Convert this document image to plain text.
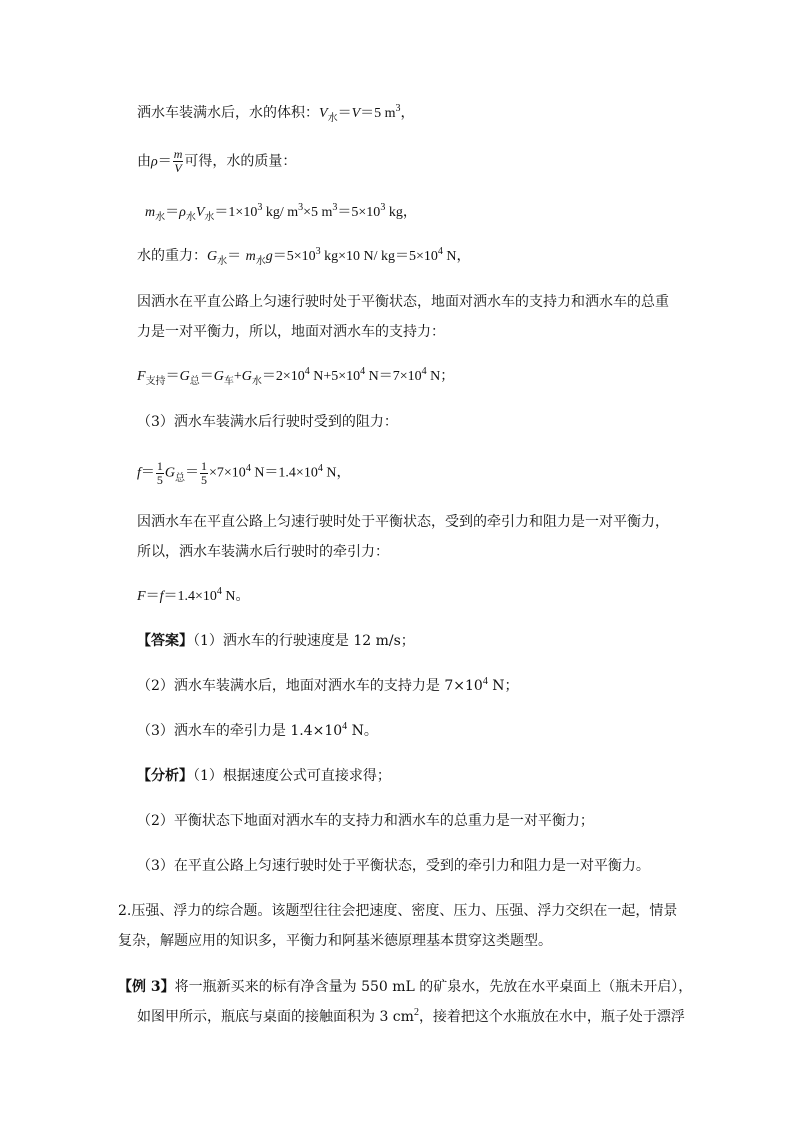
洒水车装满水后，水的体积：$V_水=V=5$ $m^3$，
由$\rho= \frac{m}{V}$ 可得，水的质量：
$m_水=\rho_水V_水=1\times 10^3$ kg/ $m^3\times 5$ $m^3=5\times 10^3$ kg，
水的重力：$G_水= m_水g=5\times 10^3$ kg×10 N/ $kg=5\times 10^4$ N，
因洒水在平直公路上匀速行驶时处于平衡状态，地面对洒水车的支持力和洒水车的总重
力是一对平衡力，所以，地面对洒水车的支持力：
$F_{支持}=G_总=G_车+G_水=2\times 10^4$ $N+5\times 10^4$ $N=7\times 10^4$ N；
（3）洒水车装满水后行驶时受到的阻力：
$f= \frac{1}{5} G_总= \frac{1}{5} \times 7\times 10^4$ $N=1.4\times 10^4$ N，
因洒水车在平直公路上匀速行驶时处于平衡状态，受到的牵引力和阻力是一对平衡力，
所以，洒水车装满水后行驶时的牵引力：
$F=f=1.4\times 10^4$ N。
【答案】（1）洒水车的行驶速度是 12 m/s；
（2）洒水车装满水后，地面对洒水车的支持力是 $7\times 10^4$ N；
（3）洒水车的牵引力是 $1.4\times 10^4$ N。
【分析】（1）根据速度公式可直接求得；
（2）平衡状态下地面对洒水车的支持力和洒水车的总重力是一对平衡力；
（3）在平直公路上匀速行驶时处于平衡状态，受到的牵引力和阻力是一对平衡力。
2.压强、浮力的综合题。该题型往往会把速度、密度、压力、压强、浮力交织在一起，情景
复杂，解题应用的知识多，平衡力和阿基米德原理基本贯穿这类题型。
【例 3】将一瓶新买来的标有净含量为 550 mL 的矿泉水，先放在水平桌面上（瓶未开启），
如图甲所示，瓶底与桌面的接触面积为 3 $cm^2$，接着把这个水瓶放在水中，瓶子处于漂浮
